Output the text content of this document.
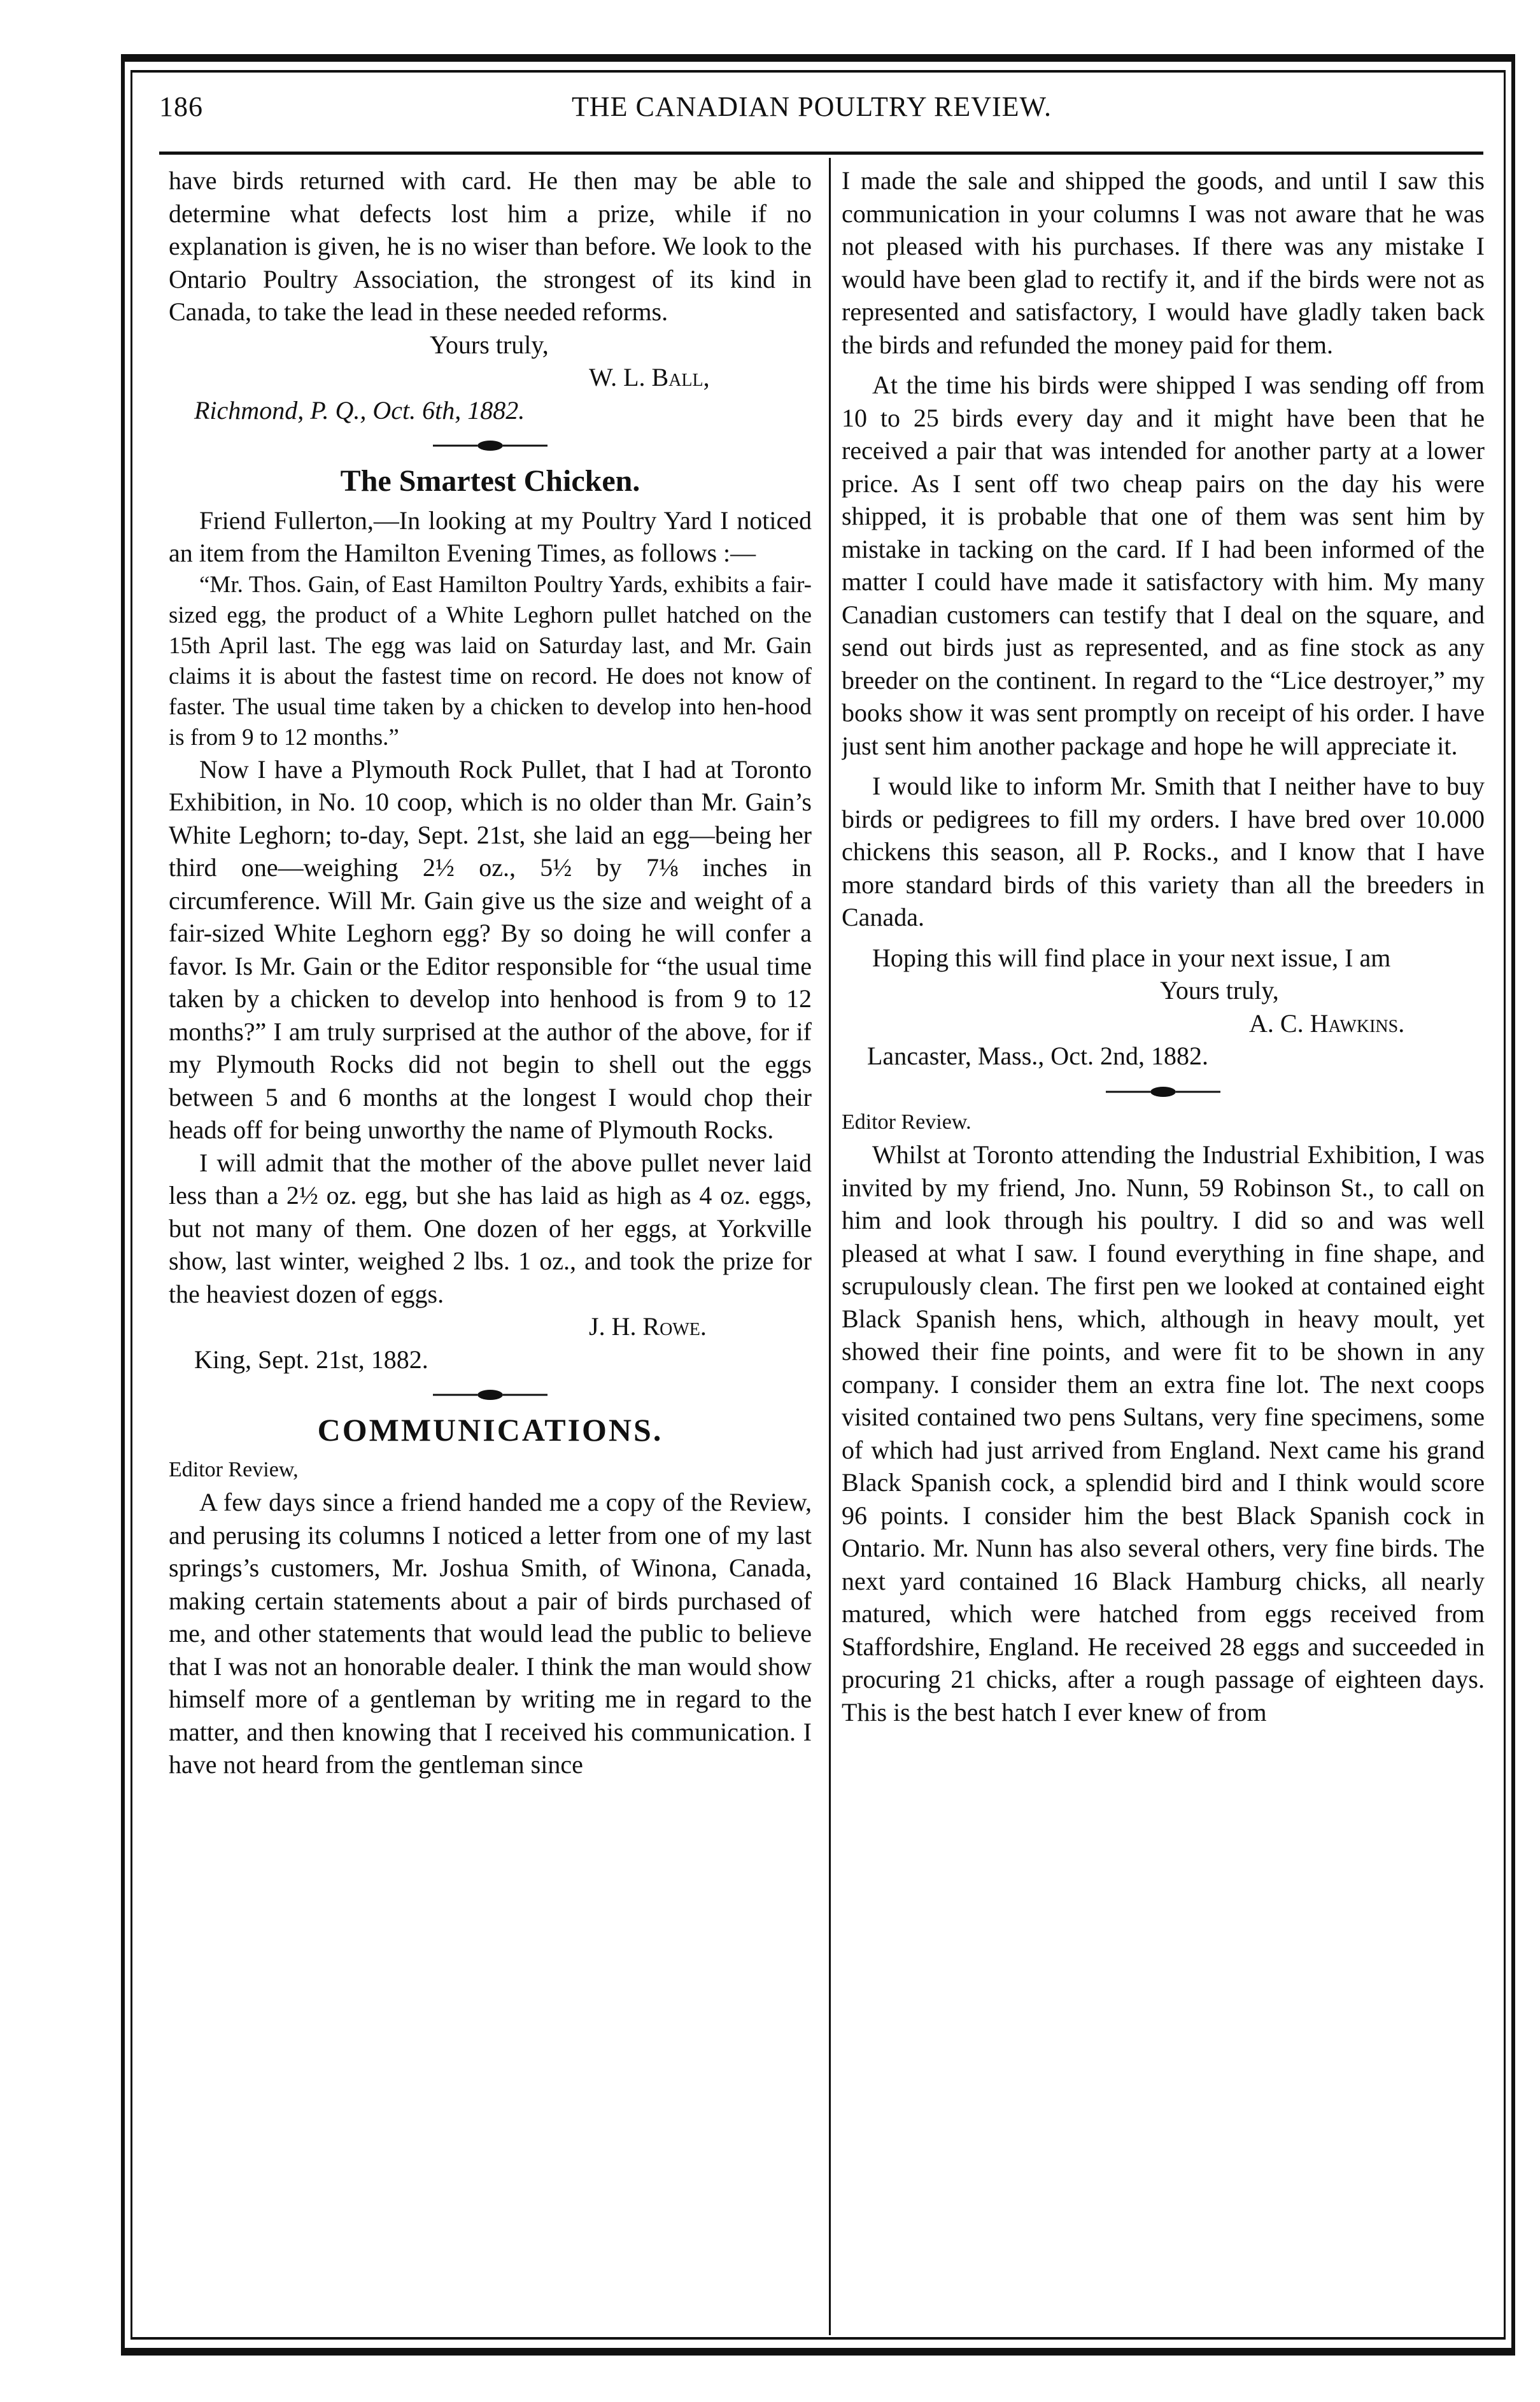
186	THE CANADIAN POULTRY REVIEW.

have birds returned with card. He then may be able to determine what defects lost him a prize, while if no explanation is given, he is no wiser than before. We look to the Ontario Poultry Association, the strongest of its kind in Canada, to take the lead in these needed reforms.

Yours truly,

W. L. Ball,

Richmond, P. Q., Oct. 6th, 1882.

The Smartest Chicken.

Friend Fullerton,—In looking at my Poultry Yard I noticed an item from the Hamilton Evening Times, as follows :—

“Mr. Thos. Gain, of East Hamilton Poultry Yards, exhibits a fair-sized egg, the product of a White Leghorn pullet hatched on the 15th April last. The egg was laid on Saturday last, and Mr. Gain claims it is about the fastest time on record. He does not know of faster. The usual time taken by a chicken to develop into hen-hood is from 9 to 12 months.”

Now I have a Plymouth Rock Pullet, that I had at Toronto Exhibition, in No. 10 coop, which is no older than Mr. Gain’s White Leghorn; to-day, Sept. 21st, she laid an egg—being her third one—weighing 2½ oz., 5½ by 7⅛ inches in circumference. Will Mr. Gain give us the size and weight of a fair-sized White Leghorn egg? By so doing he will confer a favor. Is Mr. Gain or the Editor responsible for “the usual time taken by a chicken to develop into henhood is from 9 to 12 months?” I am truly surprised at the author of the above, for if my Plymouth Rocks did not begin to shell out the eggs between 5 and 6 months at the longest I would chop their heads off for being unworthy the name of Plymouth Rocks.

I will admit that the mother of the above pullet never laid less than a 2½ oz. egg, but she has laid as high as 4 oz. eggs, but not many of them. One dozen of her eggs, at Yorkville show, last winter, weighed 2 lbs. 1 oz., and took the prize for the heaviest dozen of eggs.

J. H. Rowe.

King, Sept. 21st, 1882.

COMMUNICATIONS.

Editor Review,

A few days since a friend handed me a copy of the Review, and perusing its columns I noticed a letter from one of my last springs’s customers, Mr. Joshua Smith, of Winona, Canada, making certain statements about a pair of birds purchased of me, and other statements that would lead the public to believe that I was not an honorable dealer. I think the man would show himself more of a gentleman by writing me in regard to the matter, and then knowing that I received his communication. I have not heard from the gentleman since

I made the sale and shipped the goods, and until I saw this communication in your columns I was not aware that he was not pleased with his purchases. If there was any mistake I would have been glad to rectify it, and if the birds were not as represented and satisfactory, I would have gladly taken back the birds and refunded the money paid for them.

At the time his birds were shipped I was sending off from 10 to 25 birds every day and it might have been that he received a pair that was intended for another party at a lower price. As I sent off two cheap pairs on the day his were shipped, it is probable that one of them was sent him by mistake in tacking on the card. If I had been informed of the matter I could have made it satisfactory with him. My many Canadian customers can testify that I deal on the square, and send out birds just as represented, and as fine stock as any breeder on the continent. In regard to the “Lice destroyer,” my books show it was sent promptly on receipt of his order. I have just sent him another package and hope he will appreciate it.

I would like to inform Mr. Smith that I neither have to buy birds or pedigrees to fill my orders. I have bred over 10.000 chickens this season, all P. Rocks., and I know that I have more standard birds of this variety than all the breeders in Canada.

Hoping this will find place in your next issue, I am

Yours truly,

A. C. Hawkins.

Lancaster, Mass., Oct. 2nd, 1882.

Editor Review.

Whilst at Toronto attending the Industrial Exhibition, I was invited by my friend, Jno. Nunn, 59 Robinson St., to call on him and look through his poultry. I did so and was well pleased at what I saw. I found everything in fine shape, and scrupulously clean. The first pen we looked at contained eight Black Spanish hens, which, although in heavy moult, yet showed their fine points, and were fit to be shown in any company. I consider them an extra fine lot. The next coops visited contained two pens Sultans, very fine specimens, some of which had just arrived from England. Next came his grand Black Spanish cock, a splendid bird and I think would score 96 points. I consider him the best Black Spanish cock in Ontario. Mr. Nunn has also several others, very fine birds. The next yard contained 16 Black Hamburg chicks, all nearly matured, which were hatched from eggs received from Staffordshire, England. He received 28 eggs and succeeded in procuring 21 chicks, after a rough passage of eighteen days. This is the best hatch I ever knew of from
